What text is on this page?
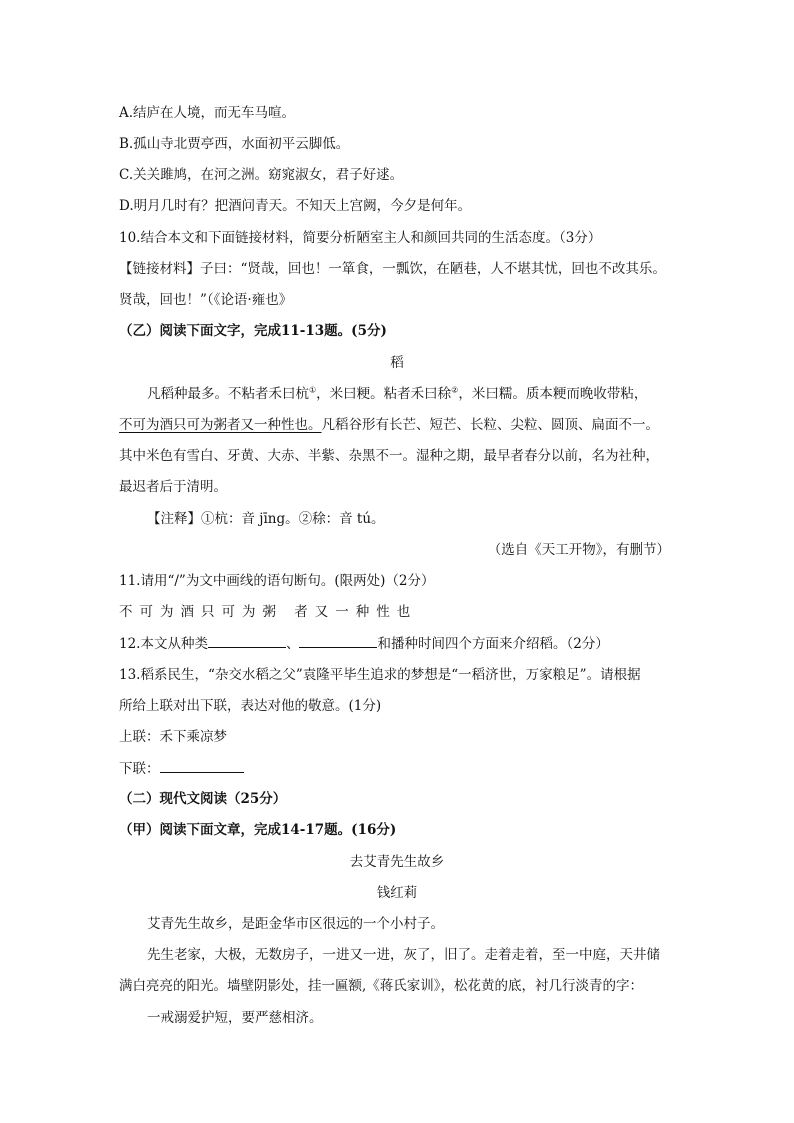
A.结庐在人境，而无车马喧。
B.孤山寺北贾亭西，水面初平云脚低。
C.关关雎鸠，在河之洲。窈窕淑女，君子好逑。
D.明月几时有？把酒问青天。不知天上宫阙，今夕是何年。
10.结合本文和下面链接材料，简要分析陋室主人和颜回共同的生活态度。（3分）
【链接材料】子曰：“贤哉，回也！一箪食，一瓢饮，在陋巷，人不堪其忧，回也不改其乐。
贤哉，回也！”（《论语·雍也》
（乙）阅读下面文字，完成11-13题。(5分)
稻
凡稻种最多。不粘者禾曰杭①，米曰粳。粘者禾曰稌②，米曰糯。质本粳而晚收带粘，
不可为酒只可为粥者又一种性也。凡稻谷形有长芒、短芒、长粒、尖粒、圆顶、扁面不一。
其中米色有雪白、牙黄、大赤、半紫、杂黑不一。湿种之期，最早者春分以前，名为社种，
最迟者后于清明。
【注释】①杭：音 jīng。②稌：音 tú。
（选自《天工开物》，有删节）
11.请用“/”为文中画线的语句断句。(限两处)（2分）
不可为酒只可为粥 者又一种性也
12.本文从种类	、	和播种时间四个方面来介绍稻。（2分）
13.稻系民生，“杂交水稻之父”袁隆平毕生追求的梦想是“一稻济世，万家粮足”。请根据
所给上联对出下联，表达对他的敬意。(1分)
上联：禾下乘凉梦
下联：
（二）现代文阅读（25分）
（甲）阅读下面文章，完成14-17题。(16分)
去艾青先生故乡
钱红莉
艾青先生故乡，是距金华市区很远的一个小村子。
先生老家，大极，无数房子，一进又一进，灰了，旧了。走着走着，至一中庭，天井储
满白亮亮的阳光。墙壁阴影处，挂一匾额,《蒋氏家训》，松花黄的底，衬几行淡青的字：
一戒溺爱护短，要严慈相济。
